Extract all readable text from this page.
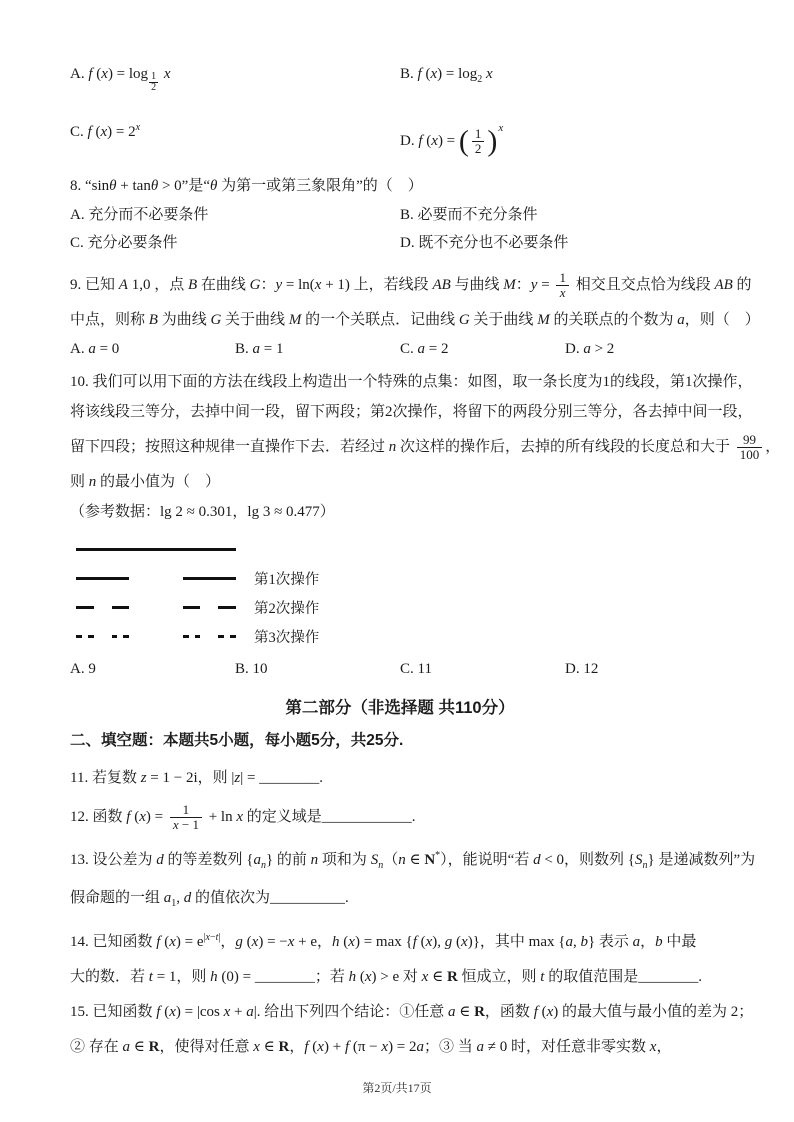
A. f $(x) = \log \frac{1}{2}$ x	B. f $(x) = \log_2 x$
C. f $(x) = 2^x$
D. f (x) = ( $\frac{1}{2} )^x$
8. “sinθ + tanθ > 0”是“θ 为第一或第三象限角”的（　）
A. 充分而不必要条件	B. 必要而不充分条件
C. 充分必要条件	D. 既不充分也不必要条件
9. 已知 A 1,0 ，点 B 在曲线 G：y = ln(x + 1) 上，若线段 AB 与曲线 M：$y = \frac{1}{x}$ 相交且交点恰为线段 AB 的
中点，则称 B 为曲线 G 关于曲线 M 的一个关联点．记曲线 G 关于曲线 M 的关联点的个数为 a，则（　）
A. a = 0	B. a = 1	C. a = 2	D. a > 2
10. 我们可以用下面的方法在线段上构造出一个特殊的点集：如图，取一条长度为1的线段，第1次操作，
将该线段三等分，去掉中间一段，留下两段；第2次操作，将留下的两段分别三等分，各去掉中间一段，
留下四段；按照这种规律一直操作下去．若经过 n 次这样的操作后，去掉的所有线段的长度总和大于 $\frac{99}{100}$ ，
则 n 的最小值为（　）
（参考数据：lg 2 ≈ 0.301，lg 3 ≈ 0.477）
第1次操作
第2次操作
第3次操作
A. 9	B. 10	C. 11	D. 12
第二部分（非选择题 共110分）
二、填空题：本题共5小题，每小题5分，共25分.
11. 若复数 z = 1 − 2i，则 |z| = ________.
12. 函数 f $(x) = \frac{1}{x - 1} + \ln x$ 的定义域是____________.
13. 设公差为 d 的等差数列 $\{a_n\}$ 的前 n 项和为 $S_n(n$ ∈ N*），能说明“若 d < 0，则数列 $\{S_n\}$ 是递减数列”为
假命题的一组 $a_1$, d 的值依次为__________.
14. 已知函数 f $(x) = e^{|x-t|}$，g (x) = −x + e，h (x) = max {f (x), g (x)}，其中 max {a, b} 表示 a，b 中最
大的数．若 t = 1，则 h (0) = ________；若 h (x) > e 对 x ∈ R 恒成立，则 t 的取值范围是________.
15. 已知函数 f (x) = |cos x + a|. 给出下列四个结论：①任意 a ∈ R，函数 f (x) 的最大值与最小值的差为 2；
② 存在 a ∈ R，使得对任意 x ∈ R，f (x) + f (π − x) = 2a；③ 当 a ≠ 0 时，对任意非零实数 x，
第2页/共17页
